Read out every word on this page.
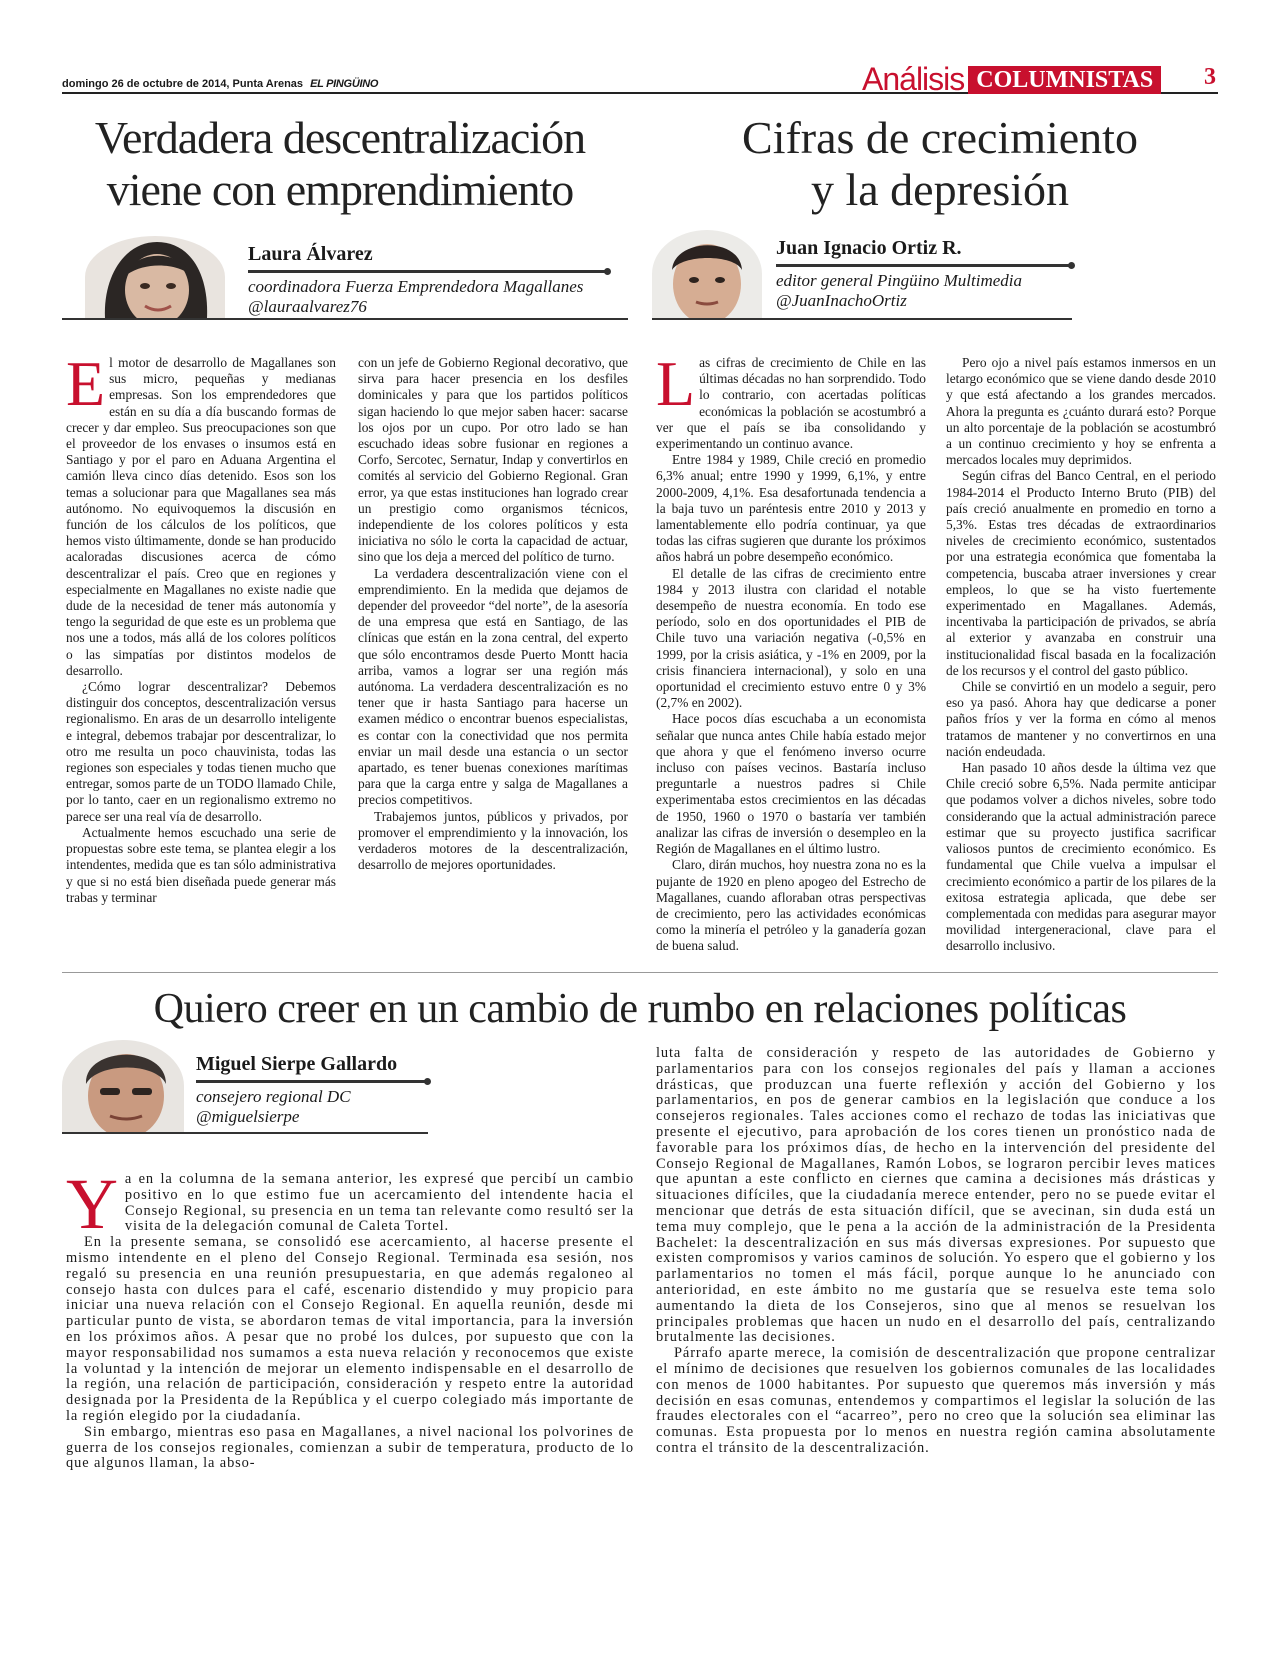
domingo 26 de octubre de 2014, Punta Arenas EL PINGÜINO	Análisis COLUMNISTAS	3
Verdadera descentralización
viene con emprendimiento
Laura Álvarez
coordinadora Fuerza Emprendedora Magallanes
@lauraalvarez76
E l motor de desarrollo de Magallanes son sus micro, pequeñas y medianas empresas. Son los emprendedores que están en su día a día buscando formas de crecer y dar empleo. Sus preocupaciones son que el proveedor de los envases o insumos está en Santiago y por el paro en Aduana Argentina el camión lleva cinco días detenido. Esos son los temas a solucionar para que Magallanes sea más autónomo. No equivoquemos la discusión en función de los cálculos de los políticos, que hemos visto últimamente, donde se han producido acaloradas discusiones acerca de cómo descentralizar el país. Creo que en regiones y especialmente en Magallanes no existe nadie que dude de la necesidad de tener más autonomía y tengo la seguridad de que este es un problema que nos une a todos, más allá de los colores políticos o las simpatías por distintos modelos de desarrollo.

¿Cómo lograr descentralizar? Debemos distinguir dos conceptos, descentralización versus regionalismo. En aras de un desarrollo inteligente e integral, debemos trabajar por descentralizar, lo otro me resulta un poco chauvinista, todas las regiones son especiales y todas tienen mucho que entregar, somos parte de un TODO llamado Chile, por lo tanto, caer en un regionalismo extremo no parece ser una real vía de desarrollo.

Actualmente hemos escuchado una serie de propuestas sobre este tema, se plantea elegir a los intendentes, medida que es tan sólo administrativa y que si no está bien diseñada puede generar más trabas y terminar

con un jefe de Gobierno Regional decorativo, que sirva para hacer presencia en los desfiles dominicales y para que los partidos políticos sigan haciendo lo que mejor saben hacer: sacarse los ojos por un cupo. Por otro lado se han escuchado ideas sobre fusionar en regiones a Corfo, Sercotec, Sernatur, Indap y convertirlos en comités al servicio del Gobierno Regional. Gran error, ya que estas instituciones han logrado crear un prestigio como organismos técnicos, independiente de los colores políticos y esta iniciativa no sólo le corta la capacidad de actuar, sino que los deja a merced del político de turno.

La verdadera descentralización viene con el emprendimiento. En la medida que dejamos de depender del proveedor “del norte”, de la asesoría de una empresa que está en Santiago, de las clínicas que están en la zona central, del experto que sólo encontramos desde Puerto Montt hacia arriba, vamos a lograr ser una región más autónoma. La verdadera descentralización es no tener que ir hasta Santiago para hacerse un examen médico o encontrar buenos especialistas, es contar con la conectividad que nos permita enviar un mail desde una estancia o un sector apartado, es tener buenas conexiones marítimas para que la carga entre y salga de Magallanes a precios competitivos.

Trabajemos juntos, públicos y privados, por promover el emprendimiento y la innovación, los verdaderos motores de la descentralización, desarrollo de mejores oportunidades.

Cifras de crecimiento
y la depresión
Juan Ignacio Ortiz R.
editor general Pingüino Multimedia
@JuanInachoOrtiz
L as cifras de crecimiento de Chile en las últimas décadas no han sorprendido. Todo lo contrario, con acertadas políticas económicas la población se acostumbró a ver que el país se iba consolidando y experimentando un continuo avance.

Entre 1984 y 1989, Chile creció en promedio 6,3% anual; entre 1990 y 1999, 6,1%, y entre 2000-2009, 4,1%. Esa desafortunada tendencia a la baja tuvo un paréntesis entre 2010 y 2013 y lamentablemente ello podría continuar, ya que todas las cifras sugieren que durante los próximos años habrá un pobre desempeño económico.

El detalle de las cifras de crecimiento entre 1984 y 2013 ilustra con claridad el notable desempeño de nuestra economía. En todo ese período, solo en dos oportunidades el PIB de Chile tuvo una variación negativa (-0,5% en 1999, por la crisis asiática, y -1% en 2009, por la crisis financiera internacional), y solo en una oportunidad el crecimiento estuvo entre 0 y 3% (2,7% en 2002).

Hace pocos días escuchaba a un economista señalar que nunca antes Chile había estado mejor que ahora y que el fenómeno inverso ocurre incluso con países vecinos. Bastaría incluso preguntarle a nuestros padres si Chile experimentaba estos crecimientos en las décadas de 1950, 1960 o 1970 o bastaría ver también analizar las cifras de inversión o desempleo en la Región de Magallanes en el último lustro.

Claro, dirán muchos, hoy nuestra zona no es la pujante de 1920 en pleno apogeo del Estrecho de Magallanes, cuando afloraban otras perspectivas de crecimiento, pero las actividades económicas como la minería el petróleo y la ganadería gozan de buena salud.

Pero ojo a nivel país estamos inmersos en un letargo económico que se viene dando desde 2010 y que está afectando a los grandes mercados. Ahora la pregunta es ¿cuánto durará esto? Porque un alto porcentaje de la población se acostumbró a un continuo crecimiento y hoy se enfrenta a mercados locales muy deprimidos.

Según cifras del Banco Central, en el periodo 1984-2014 el Producto Interno Bruto (PIB) del país creció anualmente en promedio en torno a 5,3%. Estas tres décadas de extraordinarios niveles de crecimiento económico, sustentados por una estrategia económica que fomentaba la competencia, buscaba atraer inversiones y crear empleos, lo que se ha visto fuertemente experimentado en Magallanes. Además, incentivaba la participación de privados, se abría al exterior y avanzaba en construir una institucionalidad fiscal basada en la focalización de los recursos y el control del gasto público.

Chile se convirtió en un modelo a seguir, pero eso ya pasó. Ahora hay que dedicarse a poner paños fríos y ver la forma en cómo al menos tratamos de mantener y no convertirnos en una nación endeudada.

Han pasado 10 años desde la última vez que Chile creció sobre 6,5%. Nada permite anticipar que podamos volver a dichos niveles, sobre todo considerando que la actual administración parece estimar que su proyecto justifica sacrificar valiosos puntos de crecimiento económico. Es fundamental que Chile vuelva a impulsar el crecimiento económico a partir de los pilares de la exitosa estrategia aplicada, que debe ser complementada con medidas para asegurar mayor movilidad intergeneracional, clave para el desarrollo inclusivo.

Quiero creer en un cambio de rumbo en relaciones políticas
Miguel Sierpe Gallardo
consejero regional DC
@miguelsierpe
Y a en la columna de la semana anterior, les expresé que percibí un cambio positivo en lo que estimo fue un acercamiento del intendente hacia el Consejo Regional, su presencia en un tema tan relevante como resultó ser la visita de la delegación comunal de Caleta Tortel.

En la presente semana, se consolidó ese acercamiento, al hacerse presente el mismo intendente en el pleno del Consejo Regional. Terminada esa sesión, nos regaló su presencia en una reunión presupuestaria, en que además regaloneo al consejo hasta con dulces para el café, escenario distendido y muy propicio para iniciar una nueva relación con el Consejo Regional. En aquella reunión, desde mi particular punto de vista, se abordaron temas de vital importancia, para la inversión en los próximos años. A pesar que no probé los dulces, por supuesto que con la mayor responsabilidad nos sumamos a esta nueva relación y reconocemos que existe la voluntad y la intención de mejorar un elemento indispensable en el desarrollo de la región, una relación de participación, consideración y respeto entre la autoridad designada por la Presidenta de la República y el cuerpo colegiado más importante de la región elegido por la ciudadanía.

Sin embargo, mientras eso pasa en Magallanes, a nivel nacional los polvorines de guerra de los consejos regionales, comienzan a subir de temperatura, producto de lo que algunos llaman, la abso-

luta falta de consideración y respeto de las autoridades de Gobierno y parlamentarios para con los consejos regionales del país y llaman a acciones drásticas, que produzcan una fuerte reflexión y acción del Gobierno y los parlamentarios, en pos de generar cambios en la legislación que conduce a los consejeros regionales. Tales acciones como el rechazo de todas las iniciativas que presente el ejecutivo, para aprobación de los cores tienen un pronóstico nada de favorable para los próximos días, de hecho en la intervención del presidente del Consejo Regional de Magallanes, Ramón Lobos, se lograron percibir leves matices que apuntan a este conflicto en ciernes que camina a decisiones más drásticas y situaciones difíciles, que la ciudadanía merece entender, pero no se puede evitar el mencionar que detrás de esta situación difícil, que se avecinan, sin duda está un tema muy complejo, que le pena a la acción de la administración de la Presidenta Bachelet: la descentralización en sus más diversas expresiones. Por supuesto que existen compromisos y varios caminos de solución. Yo espero que el gobierno y los parlamentarios no tomen el más fácil, porque aunque lo he anunciado con anterioridad, en este ámbito no me gustaría que se resuelva este tema solo aumentando la dieta de los Consejeros, sino que al menos se resuelvan los principales problemas que hacen un nudo en el desarrollo del país, centralizando brutalmente las decisiones.

Párrafo aparte merece, la comisión de descentralización que propone centralizar el mínimo de decisiones que resuelven los gobiernos comunales de las localidades con menos de 1000 habitantes. Por supuesto que queremos más inversión y más decisión en esas comunas, entendemos y compartimos el legislar la solución de las fraudes electorales con el “acarreo”, pero no creo que la solución sea eliminar las comunas. Esta propuesta por lo menos en nuestra región camina absolutamente contra el tránsito de la descentralización.
